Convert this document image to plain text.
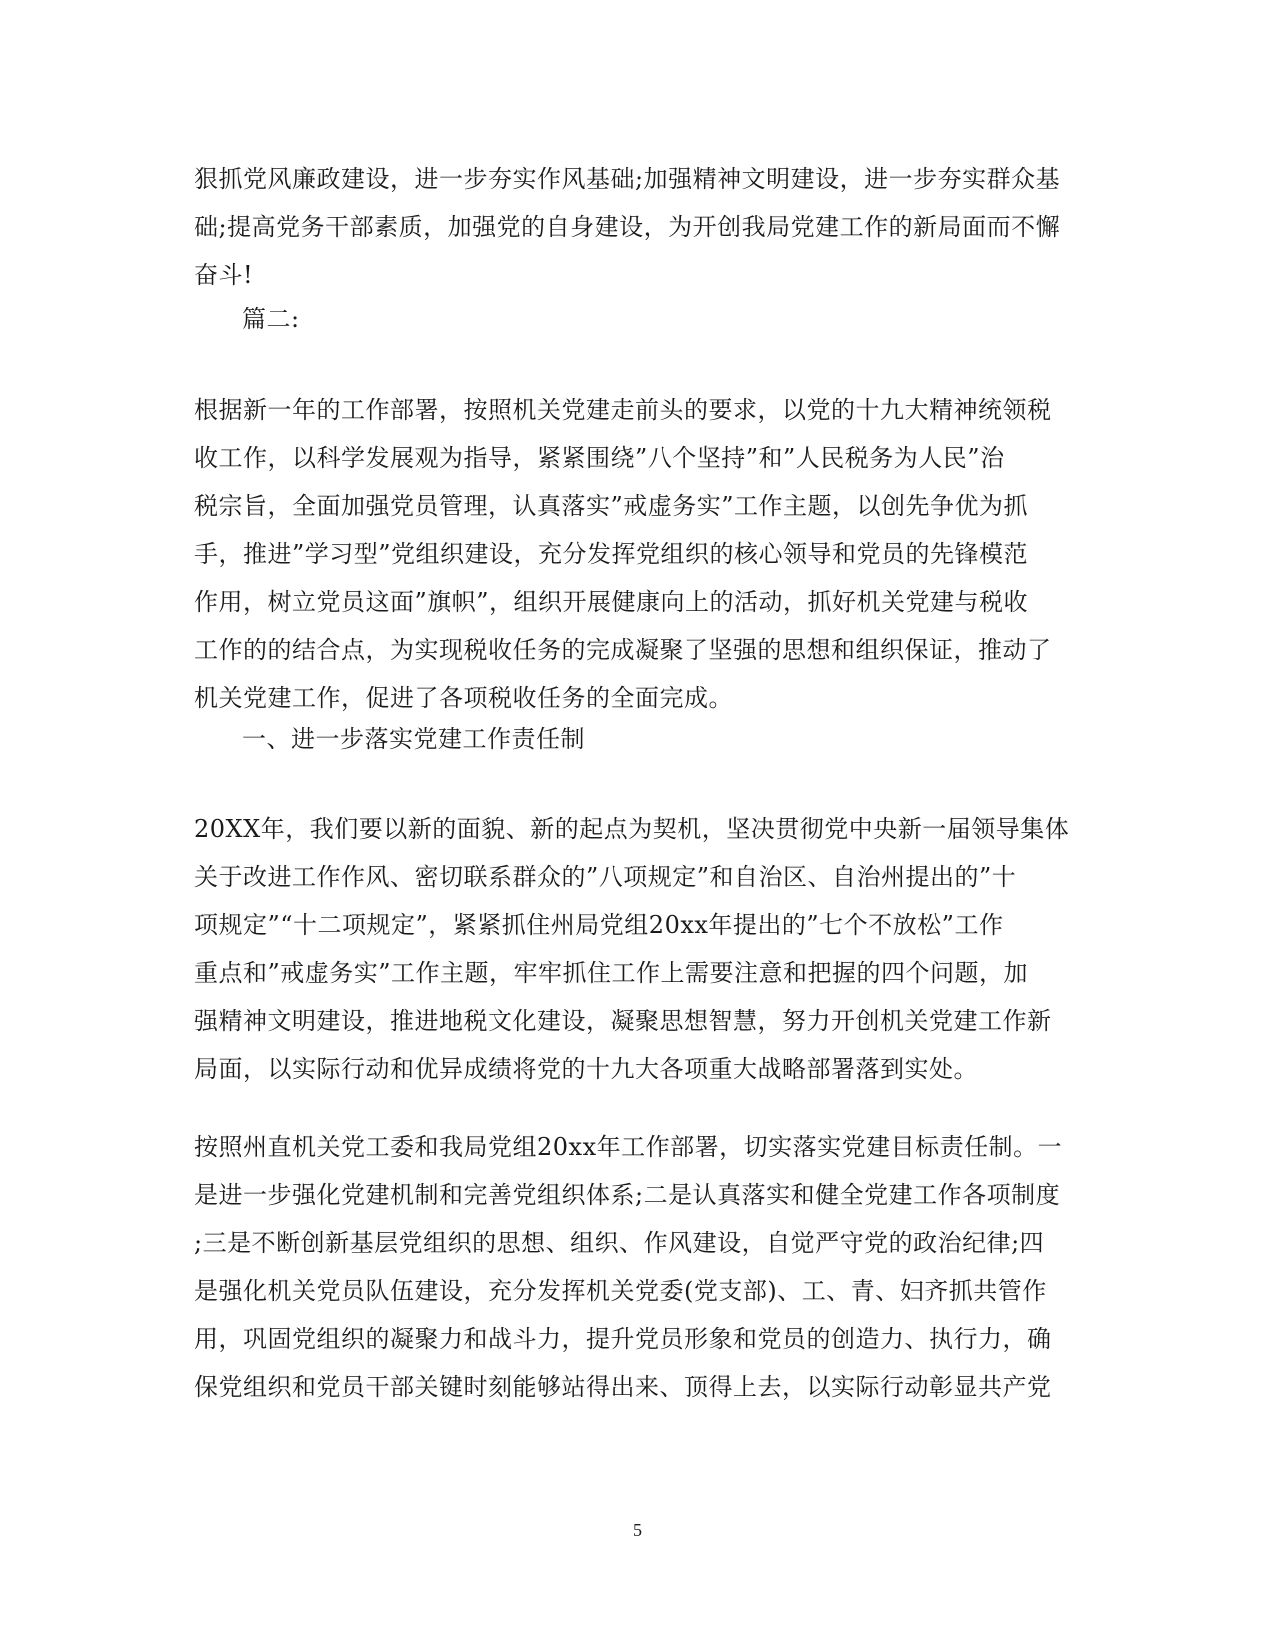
狠抓党风廉政建设，进一步夯实作风基础;加强精神文明建设，进一步夯实群众基
础;提高党务干部素质，加强党的自身建设，为开创我局党建工作的新局面而不懈
奋斗!
篇二:
根据新一年的工作部署，按照机关党建走前头的要求，以党的十九大精神统领税
收工作，以科学发展观为指导，紧紧围绕”八个坚持”和”人民税务为人民”治
税宗旨，全面加强党员管理，认真落实”戒虚务实”工作主题，以创先争优为抓
手，推进”学习型”党组织建设，充分发挥党组织的核心领导和党员的先锋模范
作用，树立党员这面”旗帜”，组织开展健康向上的活动，抓好机关党建与税收
工作的的结合点，为实现税收任务的完成凝聚了坚强的思想和组织保证，推动了
机关党建工作，促进了各项税收任务的全面完成。
一、进一步落实党建工作责任制
20XX年，我们要以新的面貌、新的起点为契机，坚决贯彻党中央新一届领导集体
关于改进工作作风、密切联系群众的”八项规定”和自治区、自治州提出的”十
项规定”“十二项规定”，紧紧抓住州局党组20xx年提出的”七个不放松”工作
重点和”戒虚务实”工作主题，牢牢抓住工作上需要注意和把握的四个问题，加
强精神文明建设，推进地税文化建设，凝聚思想智慧，努力开创机关党建工作新
局面，以实际行动和优异成绩将党的十九大各项重大战略部署落到实处。
按照州直机关党工委和我局党组20xx年工作部署，切实落实党建目标责任制。一
是进一步强化党建机制和完善党组织体系;二是认真落实和健全党建工作各项制度
;三是不断创新基层党组织的思想、组织、作风建设，自觉严守党的政治纪律;四
是强化机关党员队伍建设，充分发挥机关党委(党支部)、工、青、妇齐抓共管作
用，巩固党组织的凝聚力和战斗力，提升党员形象和党员的创造力、执行力，确
保党组织和党员干部关键时刻能够站得出来、顶得上去，以实际行动彰显共产党
5
